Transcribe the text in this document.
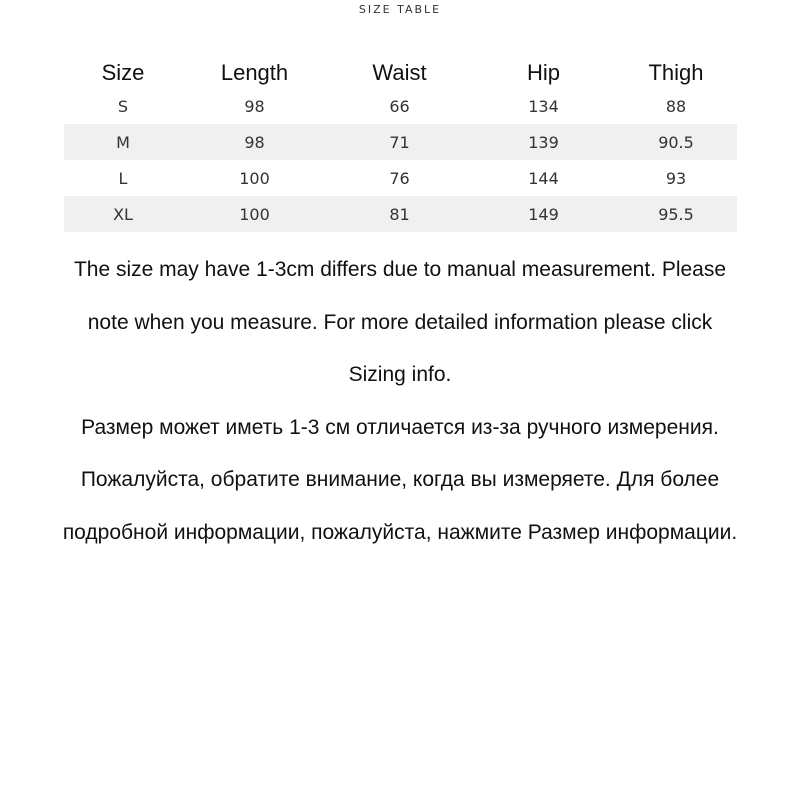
SIZE TABLE
Size	Length	Waist	Hip	Thigh
S	98	66	134	88
M	98	71	139	90.5
L	100	76	144	93
XL	100	81	149	95.5

The size may have 1-3cm differs due to manual measurement. Please note when you measure. For more detailed information please click Sizing info.

Размер может иметь 1-3 см отличается из-за ручного измерения. Пожалуйста, обратите внимание, когда вы измеряете. Для более подробной информации, пожалуйста, нажмите Размер информации.
